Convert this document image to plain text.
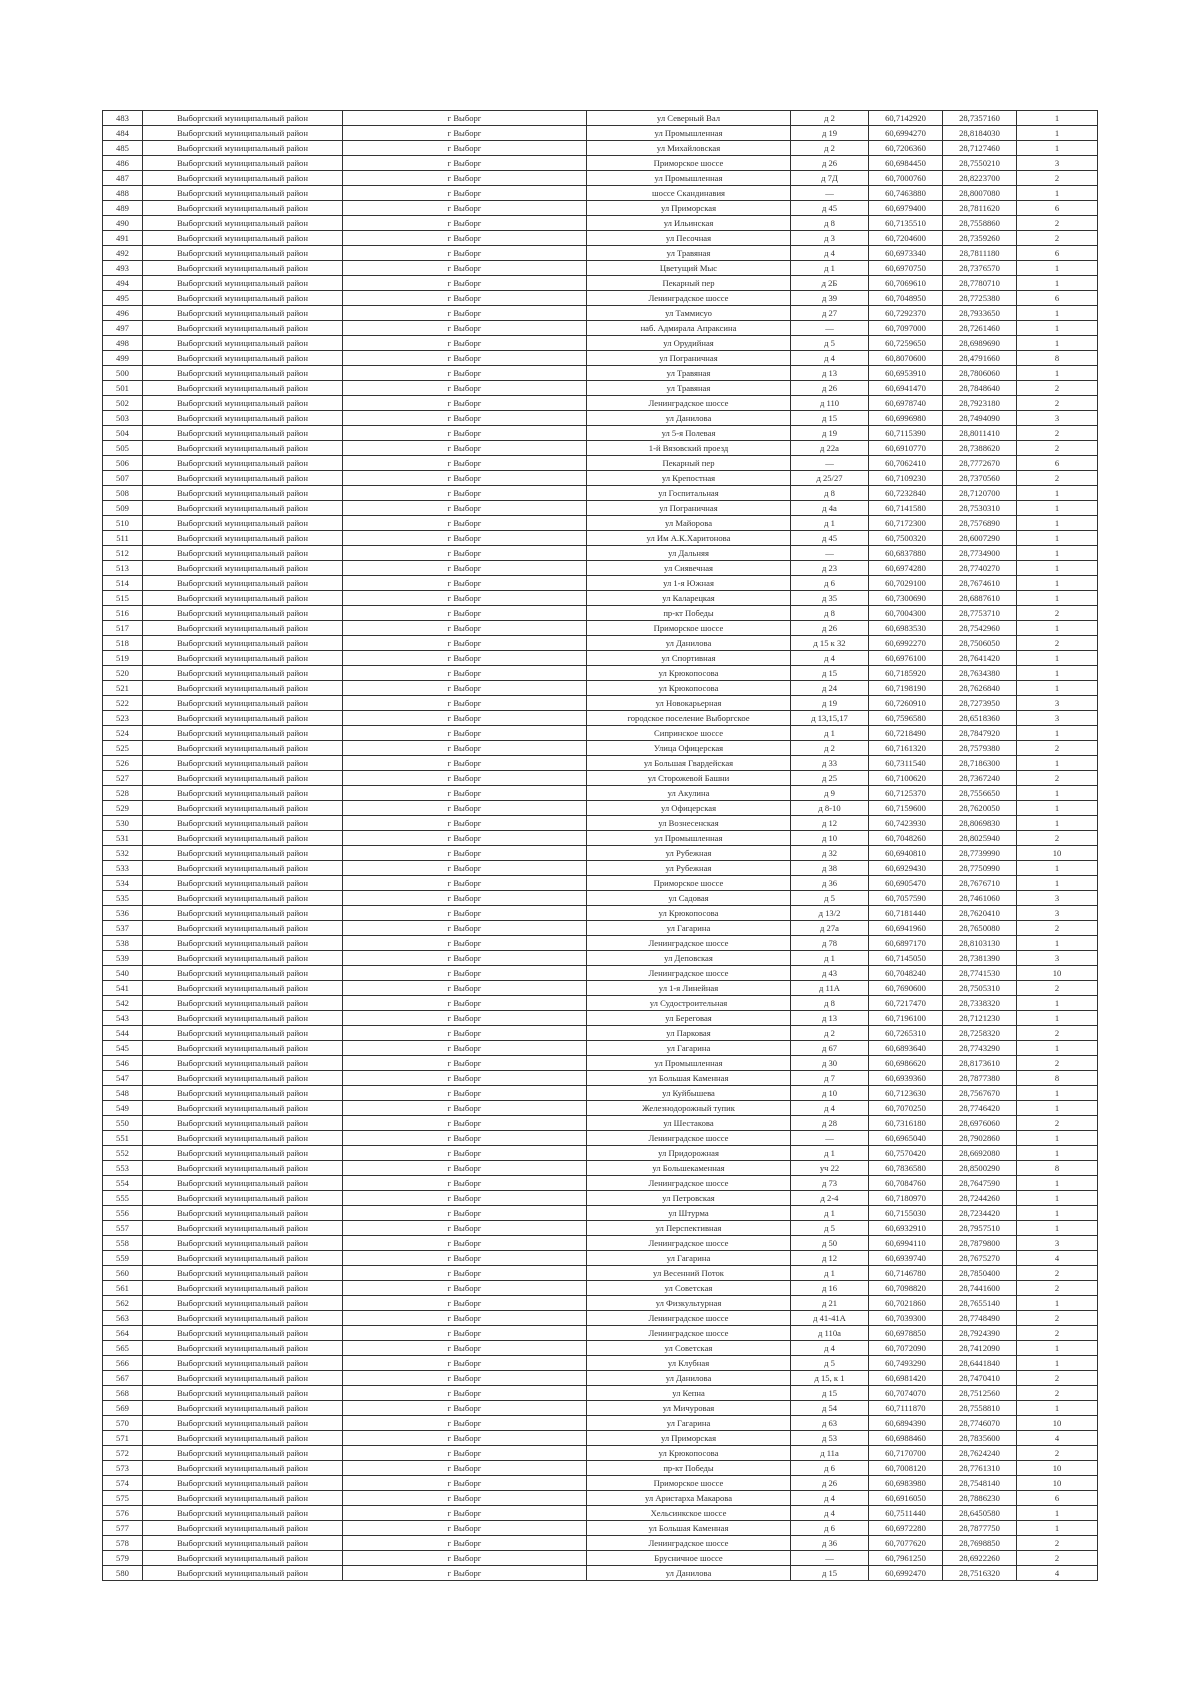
483	Выборгский муниципальный район	г Выборг	ул Северный Вал	д 2	60,7142920	28,7357160	1
484	Выборгский муниципальный район	г Выборг	ул Промышленная	д 19	60,6994270	28,8184030	1
485	Выборгский муниципальный район	г Выборг	ул Михайловская	д 2	60,7206360	28,7127460	1
486	Выборгский муниципальный район	г Выборг	Приморское шоссе	д 26	60,6984450	28,7550210	3
487	Выборгский муниципальный район	г Выборг	ул Промышленная	д 7Д	60,7000760	28,8223700	2
488	Выборгский муниципальный район	г Выборг	шоссе Скандинавия	—	60,7463880	28,8007080	1
489	Выборгский муниципальный район	г Выборг	ул Приморская	д 45	60,6979400	28,7811620	6
490	Выборгский муниципальный район	г Выборг	ул Ильинская	д 8	60,7135510	28,7558860	2
491	Выборгский муниципальный район	г Выборг	ул Песочная	д 3	60,7204600	28,7359260	2
492	Выборгский муниципальный район	г Выборг	ул Травяная	д 4	60,6973340	28,7811180	6
493	Выборгский муниципальный район	г Выборг	Цветущий Мыс	д 1	60,6970750	28,7376570	1
494	Выборгский муниципальный район	г Выборг	Пекарный пер	д 2Б	60,7069610	28,7780710	1
495	Выборгский муниципальный район	г Выборг	Ленинградское шоссе	д 39	60,7048950	28,7725380	6
496	Выборгский муниципальный район	г Выборг	ул Таммисуо	д 27	60,7292370	28,7933650	1
497	Выборгский муниципальный район	г Выборг	наб. Адмирала Апраксина	—	60,7097000	28,7261460	1
498	Выборгский муниципальный район	г Выборг	ул Орудийная	д 5	60,7259650	28,6989690	1
499	Выборгский муниципальный район	г Выборг	ул Пограничная	д 4	60,8070600	28,4791660	8
500	Выборгский муниципальный район	г Выборг	ул Травяная	д 13	60,6953910	28,7806060	1
501	Выборгский муниципальный район	г Выборг	ул Травяная	д 26	60,6941470	28,7848640	2
502	Выборгский муниципальный район	г Выборг	Ленинградское шоссе	д 110	60,6978740	28,7923180	2
503	Выборгский муниципальный район	г Выборг	ул Данилова	д 15	60,6996980	28,7494090	3
504	Выборгский муниципальный район	г Выборг	ул 5-я Полевая	д 19	60,7115390	28,8011410	2
505	Выборгский муниципальный район	г Выборг	1-й Вязовский проезд	д 22а	60,6910770	28,7388620	2
506	Выборгский муниципальный район	г Выборг	Пекарный пер	—	60,7062410	28,7772670	6
507	Выборгский муниципальный район	г Выборг	ул Крепостная	д 25/27	60,7109230	28,7370560	2
508	Выборгский муниципальный район	г Выборг	ул Госпитальная	д 8	60,7232840	28,7120700	1
509	Выборгский муниципальный район	г Выборг	ул Пограничная	д 4а	60,7141580	28,7530310	1
510	Выборгский муниципальный район	г Выборг	ул Майорова	д 1	60,7172300	28,7576890	1
511	Выборгский муниципальный район	г Выборг	ул Им А.К.Харитонова	д 45	60,7500320	28,6007290	1
512	Выборгский муниципальный район	г Выборг	ул Дальняя	—	60,6837880	28,7734900	1
513	Выборгский муниципальный район	г Выборг	ул Сиявечная	д 23	60,6974280	28,7740270	1
514	Выборгский муниципальный район	г Выборг	ул 1-я Южная	д 6	60,7029100	28,7674610	1
515	Выборгский муниципальный район	г Выборг	ул Каларецкая	д 35	60,7300690	28,6887610	1
516	Выборгский муниципальный район	г Выборг	пр-кт Победы	д 8	60,7004300	28,7753710	2
517	Выборгский муниципальный район	г Выборг	Приморское шоссе	д 26	60,6983530	28,7542960	1
518	Выборгский муниципальный район	г Выборг	ул Данилова	д 15 к 32	60,6992270	28,7506050	2
519	Выборгский муниципальный район	г Выборг	ул Спортивная	д 4	60,6976100	28,7641420	1
520	Выборгский муниципальный район	г Выборг	ул Крюкопосова	д 15	60,7185920	28,7634380	1
521	Выборгский муниципальный район	г Выборг	ул Крюкопосова	д 24	60,7198190	28,7626840	1
522	Выборгский муниципальный район	г Выборг	ул Новокарьерная	д 19	60,7260910	28,7273950	3
523	Выборгский муниципальный район	г Выборг	городское поселение Выборгское	д 13,15,17	60,7596580	28,6518360	3
524	Выборгский муниципальный район	г Выборг	Сипринское шоссе	д 1	60,7218490	28,7847920	1
525	Выборгский муниципальный район	г Выборг	Улица Офицерская	д 2	60,7161320	28,7579380	2
526	Выборгский муниципальный район	г Выборг	ул Большая Гвардейская	д 33	60,7311540	28,7186300	1
527	Выборгский муниципальный район	г Выборг	ул Сторожевой Башни	д 25	60,7100620	28,7367240	2
528	Выборгский муниципальный район	г Выборг	ул Акулина	д 9	60,7125370	28,7556650	1
529	Выборгский муниципальный район	г Выборг	ул Офицерская	д 8-10	60,7159600	28,7620050	1
530	Выборгский муниципальный район	г Выборг	ул Вознесенская	д 12	60,7423930	28,8069830	1
531	Выборгский муниципальный район	г Выборг	ул Промышленная	д 10	60,7048260	28,8025940	2
532	Выборгский муниципальный район	г Выборг	ул Рубежная	д 32	60,6940810	28,7739990	10
533	Выборгский муниципальный район	г Выборг	ул Рубежная	д 38	60,6929430	28,7750990	1
534	Выборгский муниципальный район	г Выборг	Приморское шоссе	д 36	60,6905470	28,7676710	1
535	Выборгский муниципальный район	г Выборг	ул Садовая	д 5	60,7057590	28,7461060	3
536	Выборгский муниципальный район	г Выборг	ул Крюкопосова	д 13/2	60,7181440	28,7620410	3
537	Выборгский муниципальный район	г Выборг	ул Гагарина	д 27а	60,6941960	28,7650080	2
538	Выборгский муниципальный район	г Выборг	Ленинградское шоссе	д 78	60,6897170	28,8103130	1
539	Выборгский муниципальный район	г Выборг	ул Деповская	д 1	60,7145050	28,7381390	3
540	Выборгский муниципальный район	г Выборг	Ленинградское шоссе	д 43	60,7048240	28,7741530	10
541	Выборгский муниципальный район	г Выборг	ул 1-я Линейная	д 11А	60,7690600	28,7505310	2
542	Выборгский муниципальный район	г Выборг	ул Судостроительная	д 8	60,7217470	28,7338320	1
543	Выборгский муниципальный район	г Выборг	ул Береговая	д 13	60,7196100	28,7121230	1
544	Выборгский муниципальный район	г Выборг	ул Парковая	д 2	60,7265310	28,7258320	2
545	Выборгский муниципальный район	г Выборг	ул Гагарина	д 67	60,6893640	28,7743290	1
546	Выборгский муниципальный район	г Выборг	ул Промышленная	д 30	60,6986620	28,8173610	2
547	Выборгский муниципальный район	г Выборг	ул Большая Каменная	д 7	60,6939360	28,7877380	8
548	Выборгский муниципальный район	г Выборг	ул Куйбышева	д 10	60,7123630	28,7567670	1
549	Выборгский муниципальный район	г Выборг	Железнодорожный тупик	д 4	60,7070250	28,7746420	1
550	Выборгский муниципальный район	г Выборг	ул Шестакова	д 28	60,7316180	28,6976060	2
551	Выборгский муниципальный район	г Выборг	Ленинградское шоссе	—	60,6965040	28,7902860	1
552	Выборгский муниципальный район	г Выборг	ул Придорожная	д 1	60,7570420	28,6692080	1
553	Выборгский муниципальный район	г Выборг	ул Большекаменная	уч 22	60,7836580	28,8500290	8
554	Выборгский муниципальный район	г Выборг	Ленинградское шоссе	д 73	60,7084760	28,7647590	1
555	Выборгский муниципальный район	г Выборг	ул Петровская	д 2-4	60,7180970	28,7244260	1
556	Выборгский муниципальный район	г Выборг	ул Штурма	д 1	60,7155030	28,7234420	1
557	Выборгский муниципальный район	г Выборг	ул Перспективная	д 5	60,6932910	28,7957510	1
558	Выборгский муниципальный район	г Выборг	Ленинградское шоссе	д 50	60,6994110	28,7879800	3
559	Выборгский муниципальный район	г Выборг	ул Гагарина	д 12	60,6939740	28,7675270	4
560	Выборгский муниципальный район	г Выборг	ул Весенний Поток	д 1	60,7146780	28,7850400	2
561	Выборгский муниципальный район	г Выборг	ул Советская	д 16	60,7098820	28,7441600	2
562	Выборгский муниципальный район	г Выборг	ул Физкультурная	д 21	60,7021860	28,7655140	1
563	Выборгский муниципальный район	г Выборг	Ленинградское шоссе	д 41-41А	60,7039300	28,7748490	2
564	Выборгский муниципальный район	г Выборг	Ленинградское шоссе	д 110а	60,6978850	28,7924390	2
565	Выборгский муниципальный район	г Выборг	ул Советская	д 4	60,7072090	28,7412090	1
566	Выборгский муниципальный район	г Выборг	ул Клубная	д 5	60,7493290	28,6441840	1
567	Выборгский муниципальный район	г Выборг	ул Данилова	д 15, к 1	60,6981420	28,7470410	2
568	Выборгский муниципальный район	г Выборг	ул Кепна	д 15	60,7074070	28,7512560	2
569	Выборгский муниципальный район	г Выборг	ул Мичуровая	д 54	60,7111870	28,7558810	1
570	Выборгский муниципальный район	г Выборг	ул Гагарина	д 63	60,6894390	28,7746070	10
571	Выборгский муниципальный район	г Выборг	ул Приморская	д 53	60,6988460	28,7835600	4
572	Выборгский муниципальный район	г Выборг	ул Крюкопосова	д 11а	60,7170700	28,7624240	2
573	Выборгский муниципальный район	г Выборг	пр-кт Победы	д 6	60,7008120	28,7761310	10
574	Выборгский муниципальный район	г Выборг	Приморское шоссе	д 26	60,6983980	28,7548140	10
575	Выборгский муниципальный район	г Выборг	ул Аристарха Макарова	д 4	60,6916050	28,7886230	6
576	Выборгский муниципальный район	г Выборг	Хельсинкское шоссе	д 4	60,7511440	28,6450580	1
577	Выборгский муниципальный район	г Выборг	ул Большая Каменная	д 6	60,6972280	28,7877750	1
578	Выборгский муниципальный район	г Выборг	Ленинградское шоссе	д 36	60,7077620	28,7698850	2
579	Выборгский муниципальный район	г Выборг	Брусничное шоссе	—	60,7961250	28,6922260	2
580	Выборгский муниципальный район	г Выборг	ул Данилова	д 15	60,6992470	28,7516320	4
